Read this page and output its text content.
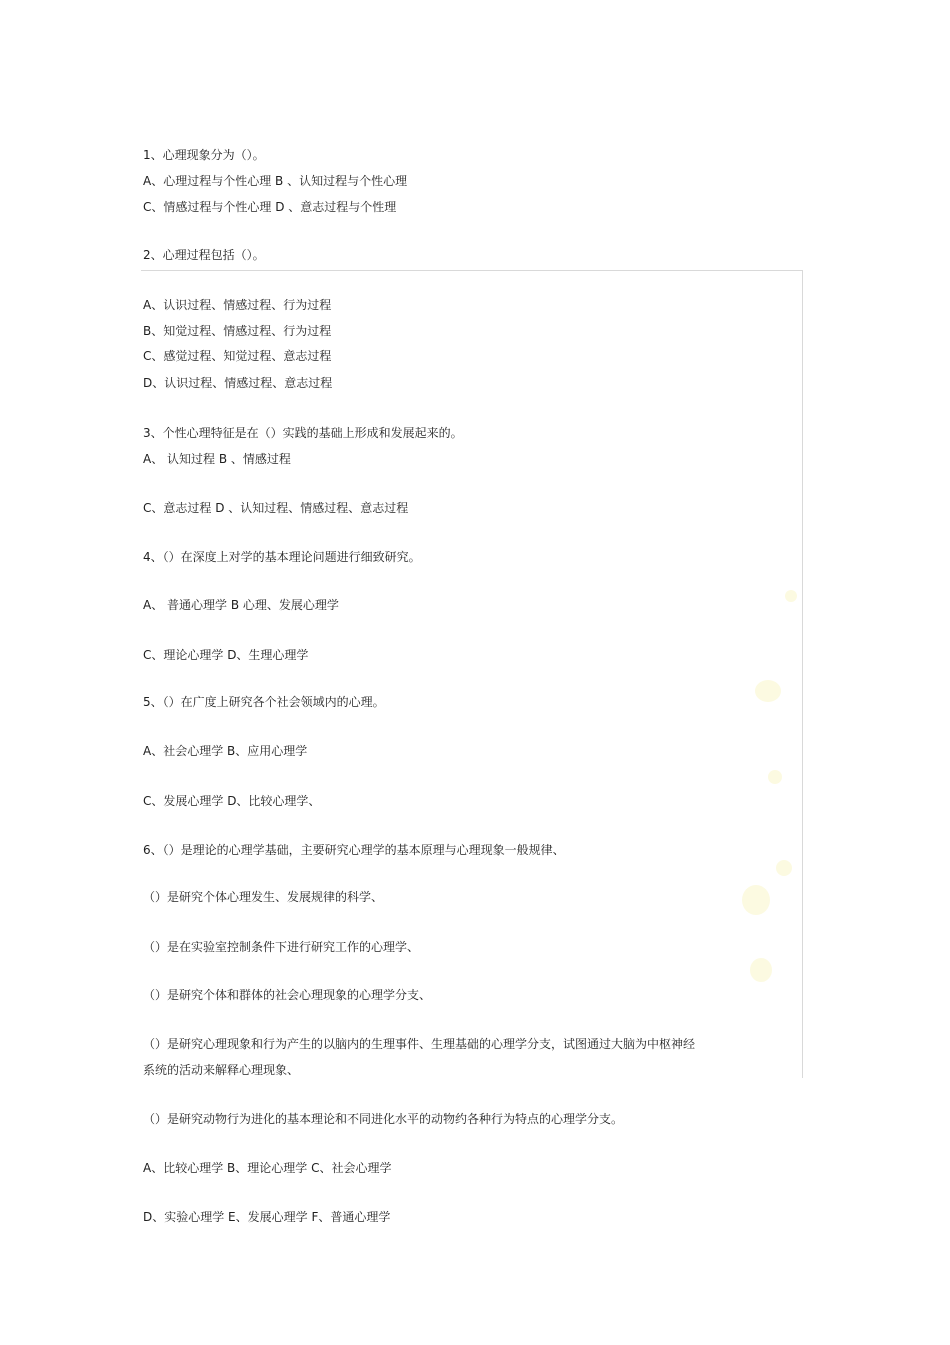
1、心理现象分为（）。
A、心理过程与个性心理 B 、认知过程与个性心理
C、情感过程与个性心理 D 、意志过程与个性理
2、心理过程包括（）。
A、认识过程、情感过程、行为过程
B、知觉过程、情感过程、行为过程
C、感觉过程、知觉过程、意志过程
D、认识过程、情感过程、意志过程
3、个性心理特征是在（）实践的基础上形成和发展起来的。
A、 认知过程 B 、情感过程
C、意志过程 D 、认知过程、情感过程、意志过程
4、（）在深度上对学的基本理论问题进行细致研究。
A、 普通心理学 B 心理、发展心理学
C、理论心理学 D、生理心理学
5、（）在广度上研究各个社会领域内的心理。
A、社会心理学 B、应用心理学
C、发展心理学 D、比较心理学、
6、（）是理论的心理学基础，主要研究心理学的基本原理与心理现象一般规律、
（）是研究个体心理发生、发展规律的科学、
（）是在实验室控制条件下进行研究工作的心理学、
（）是研究个体和群体的社会心理现象的心理学分支、
（）是研究心理现象和行为产生的以脑内的生理事件、生理基础的心理学分支，试图通过大脑为中枢神经
系统的活动来解释心理现象、
（）是研究动物行为进化的基本理论和不同进化水平的动物约各种行为特点的心理学分支。
A、比较心理学 B、理论心理学 C、社会心理学
D、实验心理学 E、发展心理学 F、普通心理学
